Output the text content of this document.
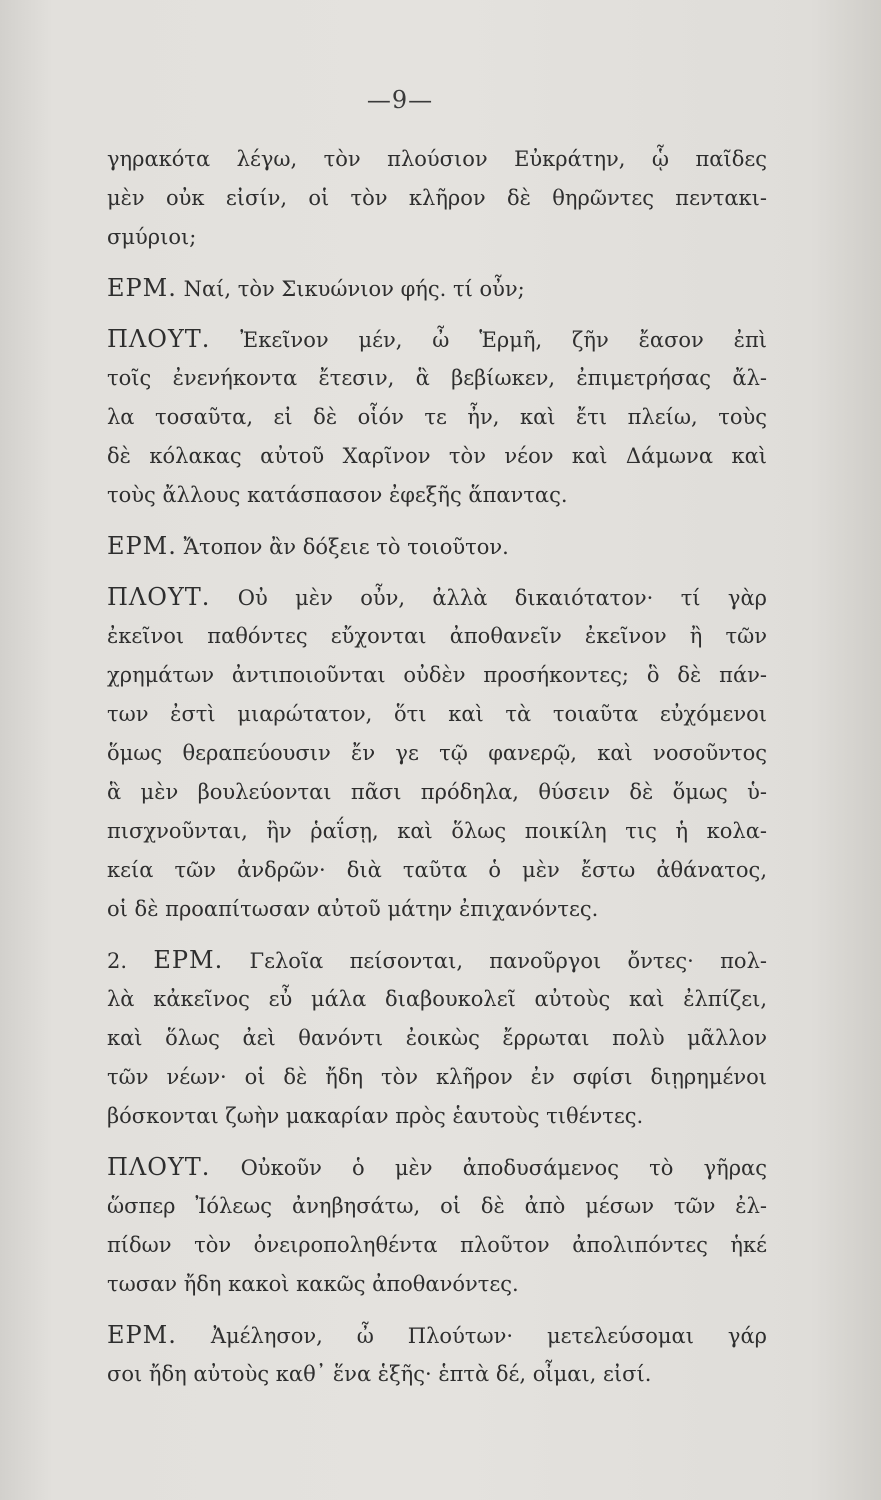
—9—
γηρακότα λέγω, τὸν πλούσιον Εὐκράτην, ᾧ παῖδες
μὲν οὐκ εἰσίν, οἱ τὸν κλῆρον δὲ θηρῶντες πεντακι-
σμύριοι;
ΕΡΜ. Ναί, τὸν Σικυώνιον φής. τί οὖν;
ΠΛΟΥΤ. Ἐκεῖνον μέν, ὦ Ἑρμῆ, ζῆν ἔασον ἐπὶ
τοῖς ἐνενήκοντα ἔτεσιν, ἃ βεβίωκεν, ἐπιμετρήσας ἄλ-
λα τοσαῦτα, εἰ δὲ οἷόν τε ἦν, καὶ ἔτι πλείω, τοὺς
δὲ κόλακας αὐτοῦ Χαρῖνον τὸν νέον καὶ Δάμωνα καὶ
τοὺς ἄλλους κατάσπασον ἐφεξῆς ἅπαντας.
ΕΡΜ. Ἄτοπον ἂν δόξειε τὸ τοιοῦτον.
ΠΛΟΥΤ. Οὐ μὲν οὖν, ἀλλὰ δικαιότατον· τί γὰρ
ἐκεῖνοι παθόντες εὔχονται ἀποθανεῖν ἐκεῖνον ἢ τῶν
χρημάτων ἀντιποιοῦνται οὐδὲν προσήκοντες; ὃ δὲ πάν-
των ἐστὶ μιαρώτατον, ὅτι καὶ τὰ τοιαῦτα εὐχόμενοι
ὅμως θεραπεύουσιν ἔν γε τῷ φανερῷ, καὶ νοσοῦντος
ἃ μὲν βουλεύονται πᾶσι πρόδηλα, θύσειν δὲ ὅμως ὑ-
πισχνοῦνται, ἢν ῥαΐσῃ, καὶ ὅλως ποικίλη τις ἡ κολα-
κεία τῶν ἀνδρῶν· διὰ ταῦτα ὁ μὲν ἔστω ἀθάνατος,
οἱ δὲ προαπίτωσαν αὐτοῦ μάτην ἐπιχανόντες.
2. ΕΡΜ. Γελοῖα πείσονται, πανοῦργοι ὄντες· πολ-
λὰ κἀκεῖνος εὖ μάλα διαβουκολεῖ αὐτοὺς καὶ ἐλπίζει,
καὶ ὅλως ἀεὶ θανόντι ἐοικὼς ἔρρωται πολὺ μᾶλλον
τῶν νέων· οἱ δὲ ἤδη τὸν κλῆρον ἐν σφίσι διῃρημένοι
βόσκονται ζωὴν μακαρίαν πρὸς ἑαυτοὺς τιθέντες.
ΠΛΟΥΤ. Οὐκοῦν ὁ μὲν ἀποδυσάμενος τὸ γῆρας
ὥσπερ Ἰόλεως ἀνηβησάτω, οἱ δὲ ἀπὸ μέσων τῶν ἐλ-
πίδων τὸν ὀνειροποληθέντα πλοῦτον ἀπολιπόντες ἡκέ
τωσαν ἤδη κακοὶ κακῶς ἀποθανόντες.
ΕΡΜ. Ἀμέλησον, ὦ Πλούτων· μετελεύσομαι γάρ
σοι ἤδη αὐτοὺς καθ᾽ ἕνα ἑξῆς· ἑπτὰ δέ, οἶμαι, εἰσί.
